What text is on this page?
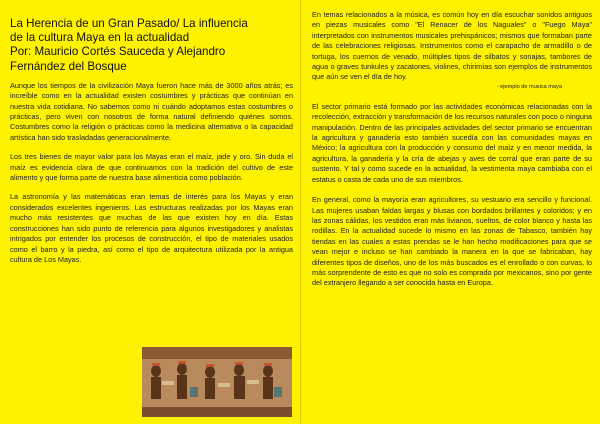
La Herencia de un Gran Pasado/ La influencia
de la cultura Maya en la actualidad
Por: Mauricio Cortés Sauceda y Alejandro
Fernández del Bosque

Aunque los tiempos de la civilización Maya fueron hace más de 3000 años atrás; es increíble como en la actualidad existen costumbres y prácticas que continúan en nuestra vida cotidiana. No sabemos como ni cuándo adoptamos estas costumbres o prácticas, pero viven con nosotros de forma natural definiendo quiénes somos. Costumbres como la religión o prácticas como la medicina alternativa o la capacidad artística han sido trasladadas generacionalmente.

Los tres bienes de mayor valor para los Mayas eran el maíz, jade y oro. Sin duda el maíz es evidencia clara de que continuamos con la tradición del cultivo de este alimento y que forma parte de nuestra base alimenticia como población.

La astronomía y las matemáticas eran temas de interés para los Mayas y eran considerados excelentes ingenieros. Las estructuras realizadas por los Mayas eran mucho más resistentes que muchas de las que existen hoy en día. Estas construcciones han sido punto de referencia para algunos investigadores y analistas intrigados por entender los procesos de construcción, el tipo de materiales usados como el barro y la piedra, así como el tipo de arquitectura utilizada por la antigua cultura de Los Mayas.

En temas relacionados a la música, es común hoy en día escuchar sonidos antiguos en piezas musicales como "El Renacer de los Naguales" o "Fuego Maya" interpretados con instrumentos musicales prehispánicos; mismos que formaban parte de las celebraciones religiosas. Instrumentos como el carapacho de armadillo o de tortuga, los cuernos de venado, múltiples tipos de silbatos y sonajas, tambores de agua o graves tunkules y zacatones, violines, chirimías son ejemplos de instrumentos que aún se ven el día de hoy.

- ejemplo de musica maya

El sector primario está formado por las actividades económicas relacionadas con la recolección, extracción y transformación de los recursos naturales con poco o ninguna manipulación. Dentro de las principales actividades del sector primario se encuentran la agricultura y ganadería esto también sucedía con las comunidades mayas en México; la agricultura con la producción y consumo del maíz y en menor medida, la agricultura, la ganadería y la cría de abejas y aves de corral que eran parte de su sustento. Y tal y como sucede en la actualidad, la vestimenta maya cambiaba con el estatus o casta de cada uno de sus miembros.

En general, como la mayoría eran agricultores, su vestuario era sencillo y funcional. Las mujeres usaban faldas largas y blusas con bordados brillantes y coloridos; y en las zonas cálidas, los vestidos eran más livianos, sueltos, de color blanco y hasta las rodillas. En la actualidad sucede lo mismo en las zonas de Tabasco, también hay tiendas en las cuales a estas prendas se le han hecho modificaciones para que se vean mejor e incluso se han cambiado la manera en la que se fabricaban, hay diferentes tipos de diseños, uno de los más buscados es el enrollado o con curvas, lo más sorprendente de esto es que no solo es comprado por mexicanos, sino por gente del extranjero llegando a ser conocida hasta en Europa.
